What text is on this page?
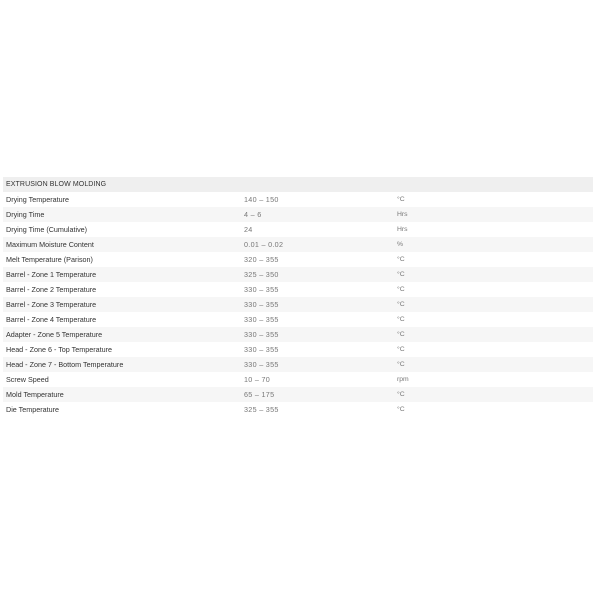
EXTRUSION BLOW MOLDING
Drying Temperature	140 – 150	°C
Drying Time	4 – 6	Hrs
Drying Time (Cumulative)	24	Hrs
Maximum Moisture Content	0.01 – 0.02	%
Melt Temperature (Parison)	320 – 355	°C
Barrel - Zone 1 Temperature	325 – 350	°C
Barrel - Zone 2 Temperature	330 – 355	°C
Barrel - Zone 3 Temperature	330 – 355	°C
Barrel - Zone 4 Temperature	330 – 355	°C
Adapter - Zone 5 Temperature	330 – 355	°C
Head - Zone 6 - Top Temperature	330 – 355	°C
Head - Zone 7 - Bottom Temperature	330 – 355	°C
Screw Speed	10 – 70	rpm
Mold Temperature	65 – 175	°C
Die Temperature	325 – 355	°C
